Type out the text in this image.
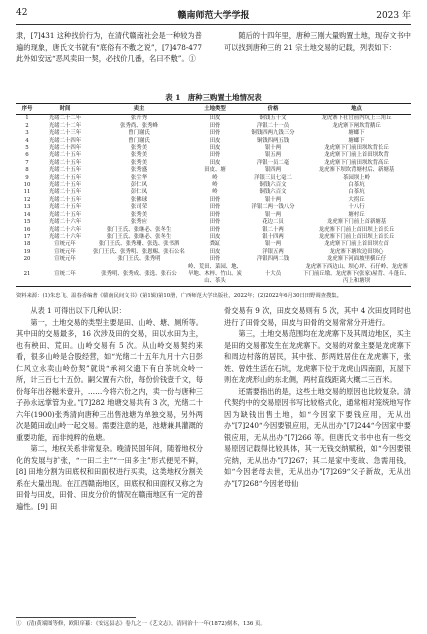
42	赣南师范大学学报	2023 年

隶，[7]431 这种找价行为，在清代赣南社会是一种较为普遍的现象，唐氏文书就有“底俗有不敷之说”，[7]478-477 此外如安远“恶风卖田一契，必找价几番，名曰不敷”。①

随后的十四年里，唐种三刚大量购置土地，现存文书中可以找到唐种三的 21 宗土地交易的记载，列表如下：

表 1　唐种三购置土地情况表
序号	时间	卖主	土地类型	价格	地点
1	光绪二十二年	张升秀	田皮	铜钱五千文	龙虎寨下社官前内坑上三角丘
2	光绪二十二年	张秀尚、张秀峰	田骨	洋银二十一员	龙虎寨下闸坎背鹅丘
3	光绪二十三年	曾门谢氏	田骨	铜钱四两九钱三分	塘螂下
4	光绪二十四年	曾门谢氏	田皮	铜钱四两五钱	塘螂下
5	光绪二十四年	张秀美	田皮	银十两	龙虎寨下门前田坝坎背长丘
6	光绪二十五年	张秀美	田骨	银五两	龙虎寨下门前上首田坝坎背
7	光绪二十五年	张秀美	田皮	洋银一员二毫	龙虎寨下门前田坝坎背高丘
8	光绪二十五年	张秀盛	田皮、塘	银四两	龙虎寨下坝坎背塘村后、新塘基
9	光绪二十五年	张尘华	岭	洋银三员七毫二	茶园坝上岭
10	光绪二十五年	彭仁风	岭	铜钱六百文	白茶坑
11	光绪二十五年	彭仁凤	岭	铜钱六百文	白茶坑
12	光绪二十五年	张佛球	田骨	银十两	大拐丘
13	光绪二十五年	张司荣	田骨	洋银二两一钱八分	十八行
14	光绪二十五年	张秀美	田骨	银一两	塘村丘
15	光绪二十六年	张秀应	田骨	花边二员	龙虎寨下门前上首新塘基
16	光绪二十六年	张门王氏、张继必、张冬生	田骨	银二十两	龙虎寨下门前上首田坝上首长丘
17	光绪二十六年	张门王氏、张继必、张冬生	田皮	银十四两	龙虎寨下门前上首田坝上首长丘
18	宣统元年	张门王氏、张秀珊、张选、张书泗	粪缸	银一两	龙虎寨下门前上首田坝左首
19	宣统元年	张门王氏、张秀明、张恩赐、张石公名	田皮	洋银五两	龙虎寨下塘坎边田坝心
20	宣统元年	张门王氏、张秀明	田骨	洋银四两二钱	龙虎寨下河面坡里横丘仔
21	宣统二年	张秀明、张秀成、张选、张石公	岭、荒田、菜园、地、旱地、木梓、竹山、炭山、茶头	十大员	龙虎寨下西边山、坝心坪、石仔岭、龙虎寨下门前丘墩、龙虎寨下(张家)屋背、斗蓬丘、丙上和塘坝
资料来源：(1)朱忠飞、温春香编著《赣南民间文书》(第1辑)第10册，广西师范大学出版社，2022年；(2)2022年6月30日田野调查搜集。

从表 1 可得出以下几种认识：

第一，土地交易的类型主要是田、山岭、塘、厕所等。其中田的交易最多，16 次涉及田的交易，田以水田为主，也有秧田、荒田。山岭交易有 5 次。从山岭交易契约来看，很多山岭是合股经营，如“光绪二十五年九月十六日彭仁风立永卖山岭份契”就说“承祠父遗下有白茶坑众岭一所，计三百七十五份。嗣父置有六份，每份价钱壹千文，每份每年出谷糍米壹升，……今将六份之内，卖一份与唐种三子孙永远掌管为业。”[7]282 地塘交易共有 3 次，光绪二十六年(1900)张秀清向唐种三出售池塘为单独交易，另外两次是随田或山岭一起交易。需要注意的是，池塘兼具灌溉的重要功能，而非纯粹的鱼塘。

第二，地权关系非常复杂。晚清民国年间，随着地权分化的发展与扩张，“一田二主”“一田多主”形式便见不鲜，[8] 田地分割为田底权和田面权进行买卖，这类地权分割关系在大量出现。在江西赣南地区，田底权和田面权又称之为田骨与田皮，田骨、田皮分价的情况在赣南地区有一定的普遍性。[9] 田

骨交易有 9 次，田皮交易则有 5 次，其中 4 次田皮同时也进行了田骨交易，田皮与田骨的交易常常分开进行。

第三，土地交易范围均在龙虎寨下及其周边地区，买主是田的交易都发生在龙虎寨下。交易的对象主要是龙虎寨下和周边村落的居民，其中张、彭两姓居住在龙虎寨下，张姓、曾姓生活在石坑，龙虎寨下位于龙虎山四南面，瓦屋下则在龙虎形山的东北侧，两村直线距离大概二三百米。

还需要指出的是，这些土地交易的原因也比较复杂。清代契约中的交易原因书写比较格式化，通常相对笼统地写作因为缺钱出售土地，如“今因家下要钱应用，无从出办”[7]240“今因要银应用，无从出办”[7]244“今因家中要银应用，无从出办”[7]266 等。但唐氏文书中也有一些交易原因记载得比较具体，其一无钱交纳赋税，如“今因要银完纳，无从出办”[7]267；其二是家中变故、急需用钱，如“今因老母去世，无从出办”[7]269“父子新故，无从出办”[7]268“今因老母仙

①　(清)黄端图等修，欧阳庠纂：《安远县志》卷九之一《艺文志》，清同治十一年(1872)刻本，136 页。
